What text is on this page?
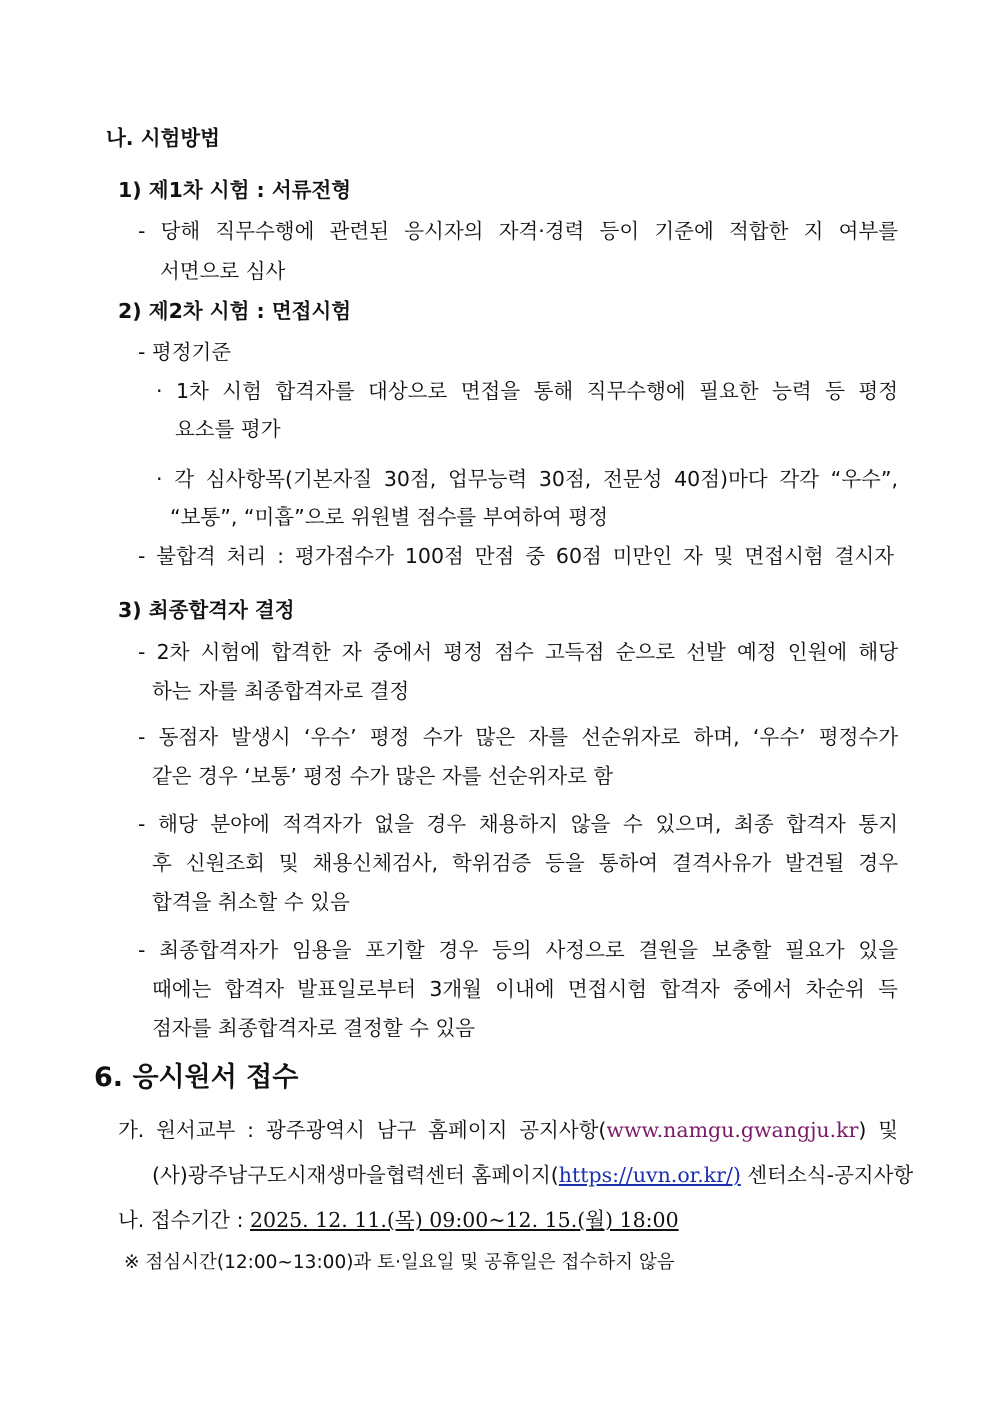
나. 시험방법
1) 제1차 시험 : 서류전형
- 당해 직무수행에 관련된 응시자의 자격·경력 등이 기준에 적합한 지 여부를
서면으로 심사
2) 제2차 시험 : 면접시험
- 평정기준
· 1차 시험 합격자를 대상으로 면접을 통해 직무수행에 필요한 능력 등 평정
요소를 평가
· 각 심사항목(기본자질 30점, 업무능력 30점, 전문성 40점)마다 각각 “우수”,
“보통”, “미흡”으로 위원별 점수를 부여하여 평정
- 불합격 처리 : 평가점수가 100점 만점 중 60점 미만인 자 및 면접시험 결시자
3) 최종합격자 결정
- 2차 시험에 합격한 자 중에서 평정 점수 고득점 순으로 선발 예정 인원에 해당
하는 자를 최종합격자로 결정
- 동점자 발생시 ‘우수’ 평정 수가 많은 자를 선순위자로 하며, ‘우수’ 평정수가
같은 경우 ‘보통’ 평정 수가 많은 자를 선순위자로 함
- 해당 분야에 적격자가 없을 경우 채용하지 않을 수 있으며, 최종 합격자 통지
후 신원조회 및 채용신체검사, 학위검증 등을 통하여 결격사유가 발견될 경우
합격을 취소할 수 있음
- 최종합격자가 임용을 포기할 경우 등의 사정으로 결원을 보충할 필요가 있을
때에는 합격자 발표일로부터 3개월 이내에 면접시험 합격자 중에서 차순위 득
점자를 최종합격자로 결정할 수 있음
6. 응시원서 접수
가. 원서교부 : 광주광역시 남구 홈페이지 공지사항(www.namgu.gwangju.kr) 및
(사)광주남구도시재생마을협력센터 홈페이지(https://uvn.or.kr/) 센터소식-공지사항
나. 접수기간 : 2025. 12. 11.(목) 09:00~12. 15.(월) 18:00
※ 점심시간(12:00~13:00)과 토·일요일 및 공휴일은 접수하지 않음
